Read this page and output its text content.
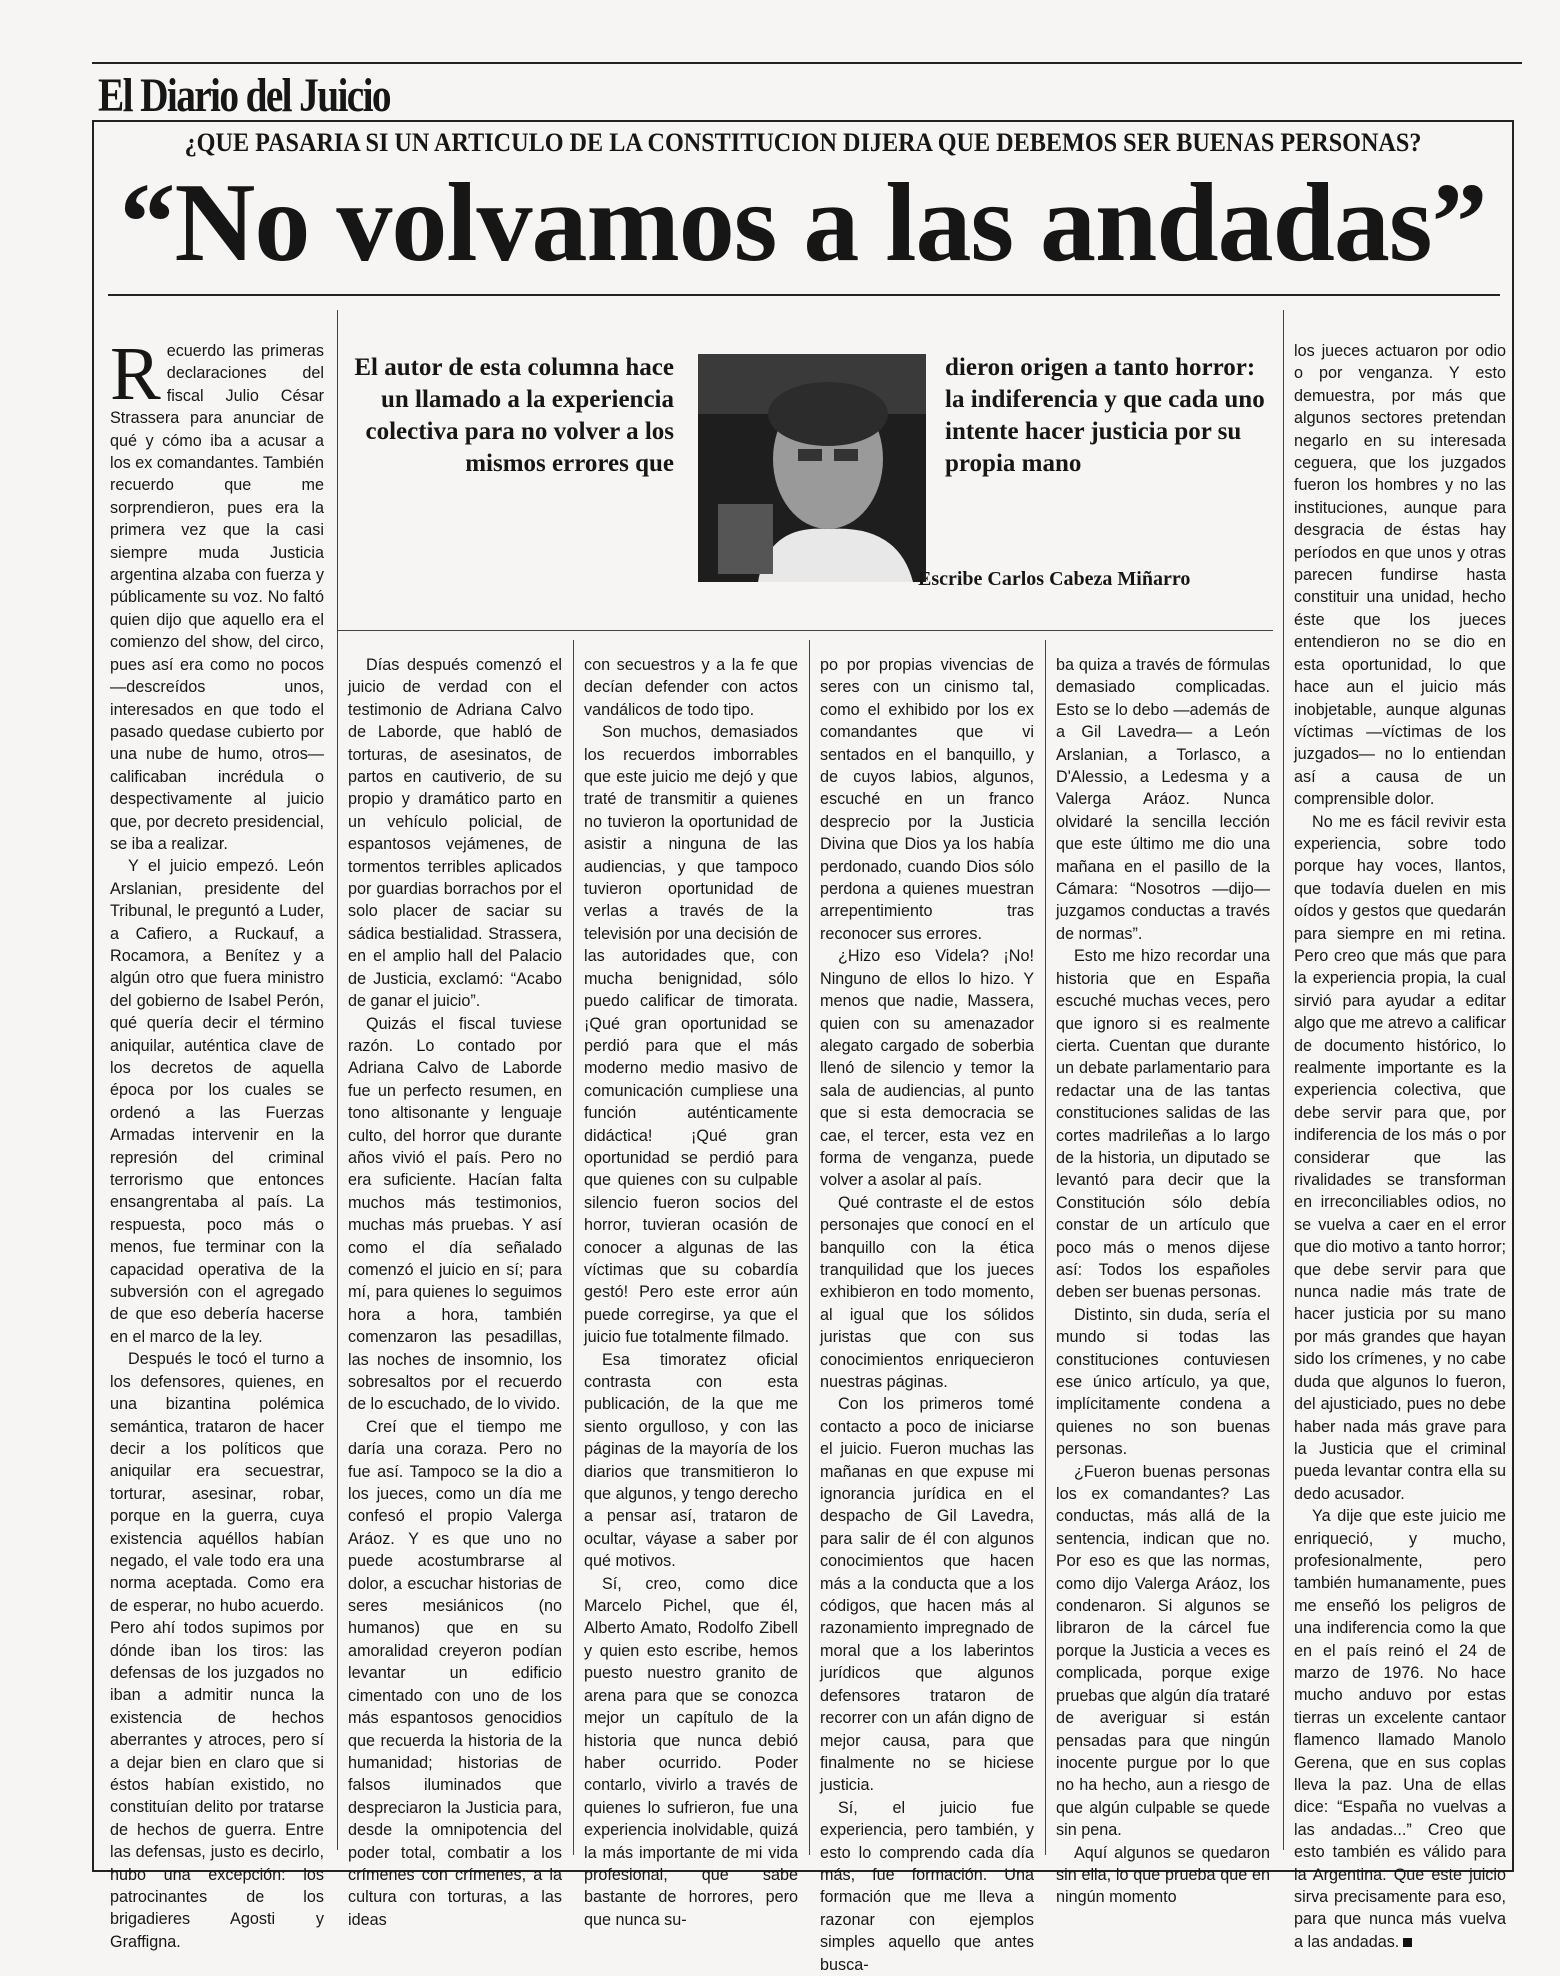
El Diario del Juicio
¿QUE PASARIA SI UN ARTICULO DE LA CONSTITUCION DIJERA QUE DEBEMOS SER BUENAS PERSONAS?
“No volvamos a las andadas”

Recuerdo las primeras declaraciones del fiscal Julio César Strassera para anunciar de qué y cómo iba a acusar a los ex comandantes. También recuerdo que me sorprendieron, pues era la primera vez que la casi siempre muda Justicia argentina alzaba con fuerza y públicamente su voz. No faltó quien dijo que aquello era el comienzo del show, del circo, pues así era como no pocos —descreídos unos, interesados en que todo el pasado quedase cubierto por una nube de humo, otros— calificaban incrédula o despectivamente al juicio que, por decreto presidencial, se iba a realizar.

Y el juicio empezó. León Arslanian, presidente del Tribunal, le preguntó a Luder, a Cafiero, a Ruckauf, a Rocamora, a Benítez y a algún otro que fuera ministro del gobierno de Isabel Perón, qué quería decir el término aniquilar, auténtica clave de los decretos de aquella época por los cuales se ordenó a las Fuerzas Armadas intervenir en la represión del criminal terrorismo que entonces ensangrentaba al país. La respuesta, poco más o menos, fue terminar con la capacidad operativa de la subversión con el agregado de que eso debería hacerse en el marco de la ley.

Después le tocó el turno a los defensores, quienes, en una bizantina polémica semántica, trataron de hacer decir a los políticos que aniquilar era secuestrar, torturar, asesinar, robar, porque en la guerra, cuya existencia aquéllos habían negado, el vale todo era una norma aceptada. Como era de esperar, no hubo acuerdo. Pero ahí todos supimos por dónde iban los tiros: las defensas de los juzgados no iban a admitir nunca la existencia de hechos aberrantes y atroces, pero sí a dejar bien en claro que si éstos habían existido, no constituían delito por tratarse de hechos de guerra. Entre las defensas, justo es decirlo, hubo una excepción: los patrocinantes de los brigadieres Agosti y Graffigna.

El autor de esta columna hace un llamado a la experiencia colectiva para no volver a los mismos errores que
dieron origen a tanto horror: la indiferencia y que cada uno intente hacer justicia por su propia mano
Escribe Carlos Cabeza Miñarro

Días después comenzó el juicio de verdad con el testimonio de Adriana Calvo de Laborde, que habló de torturas, de asesinatos, de partos en cautiverio, de su propio y dramático parto en un vehículo policial, de espantosos vejámenes, de tormentos terribles aplicados por guardias borrachos por el solo placer de saciar su sádica bestialidad. Strassera, en el amplio hall del Palacio de Justicia, exclamó: “Acabo de ganar el juicio”.

Quizás el fiscal tuviese razón. Lo contado por Adriana Calvo de Laborde fue un perfecto resumen, en tono altisonante y lenguaje culto, del horror que durante años vivió el país. Pero no era suficiente. Hacían falta muchos más testimonios, muchas más pruebas. Y así como el día señalado comenzó el juicio en sí; para mí, para quienes lo seguimos hora a hora, también comenzaron las pesadillas, las noches de insomnio, los sobresaltos por el recuerdo de lo escuchado, de lo vivido.

Creí que el tiempo me daría una coraza. Pero no fue así. Tampoco se la dio a los jueces, como un día me confesó el propio Valerga Aráoz. Y es que uno no puede acostumbrarse al dolor, a escuchar historias de seres mesiánicos (no humanos) que en su amoralidad creyeron podían levantar un edificio cimentado con uno de los más espantosos genocidios que recuerda la historia de la humanidad; historias de falsos iluminados que despreciaron la Justicia para, desde la omnipotencia del poder total, combatir a los crímenes con crímenes, a la cultura con torturas, a las ideas

con secuestros y a la fe que decían defender con actos vandálicos de todo tipo.

Son muchos, demasiados los recuerdos imborrables que este juicio me dejó y que traté de transmitir a quienes no tuvieron la oportunidad de asistir a ninguna de las audiencias, y que tampoco tuvieron oportunidad de verlas a través de la televisión por una decisión de las autoridades que, con mucha benignidad, sólo puedo calificar de timorata. ¡Qué gran oportunidad se perdió para que el más moderno medio masivo de comunicación cumpliese una función auténticamente didáctica! ¡Qué gran oportunidad se perdió para que quienes con su culpable silencio fueron socios del horror, tuvieran ocasión de conocer a algunas de las víctimas que su cobardía gestó! Pero este error aún puede corregirse, ya que el juicio fue totalmente filmado.

Esa timoratez oficial contrasta con esta publicación, de la que me siento orgulloso, y con las páginas de la mayoría de los diarios que transmitieron lo que algunos, y tengo derecho a pensar así, trataron de ocultar, váyase a saber por qué motivos.

Sí, creo, como dice Marcelo Pichel, que él, Alberto Amato, Rodolfo Zibell y quien esto escribe, hemos puesto nuestro granito de arena para que se conozca mejor un capítulo de la historia que nunca debió haber ocurrido. Poder contarlo, vivirlo a través de quienes lo sufrieron, fue una experiencia inolvidable, quizá la más importante de mi vida profesional, que sabe bastante de horrores, pero que nunca su-

po por propias vivencias de seres con un cinismo tal, como el exhibido por los ex comandantes que vi sentados en el banquillo, y de cuyos labios, algunos, escuché en un franco desprecio por la Justicia Divina que Dios ya los había perdonado, cuando Dios sólo perdona a quienes muestran arrepentimiento tras reconocer sus errores.

¿Hizo eso Videla? ¡No! Ninguno de ellos lo hizo. Y menos que nadie, Massera, quien con su amenazador alegato cargado de soberbia llenó de silencio y temor la sala de audiencias, al punto que si esta democracia se cae, el tercer, esta vez en forma de venganza, puede volver a asolar al país.

Qué contraste el de estos personajes que conocí en el banquillo con la ética tranquilidad que los jueces exhibieron en todo momento, al igual que los sólidos juristas que con sus conocimientos enriquecieron nuestras páginas.

Con los primeros tomé contacto a poco de iniciarse el juicio. Fueron muchas las mañanas en que expuse mi ignorancia jurídica en el despacho de Gil Lavedra, para salir de él con algunos conocimientos que hacen más a la conducta que a los códigos, que hacen más al razonamiento impregnado de moral que a los laberintos jurídicos que algunos defensores trataron de recorrer con un afán digno de mejor causa, para que finalmente no se hiciese justicia.

Sí, el juicio fue experiencia, pero también, y esto lo comprendo cada día más, fue formación. Una formación que me lleva a razonar con ejemplos simples aquello que antes busca-

ba quiza a través de fórmulas demasiado complicadas. Esto se lo debo —además de a Gil Lavedra— a León Arslanian, a Torlasco, a D'Alessio, a Ledesma y a Valerga Aráoz. Nunca olvidaré la sencilla lección que este último me dio una mañana en el pasillo de la Cámara: “Nosotros —dijo— juzgamos conductas a través de normas”.

Esto me hizo recordar una historia que en España escuché muchas veces, pero que ignoro si es realmente cierta. Cuentan que durante un debate parlamentario para redactar una de las tantas constituciones salidas de las cortes madrileñas a lo largo de la historia, un diputado se levantó para decir que la Constitución sólo debía constar de un artículo que poco más o menos dijese así: Todos los españoles deben ser buenas personas.

Distinto, sin duda, sería el mundo si todas las constituciones contuviesen ese único artículo, ya que, implícitamente condena a quienes no son buenas personas.

¿Fueron buenas personas los ex comandantes? Las conductas, más allá de la sentencia, indican que no. Por eso es que las normas, como dijo Valerga Aráoz, los condenaron. Si algunos se libraron de la cárcel fue porque la Justicia a veces es complicada, porque exige pruebas que algún día trataré de averiguar si están pensadas para que ningún inocente purgue por lo que no ha hecho, aun a riesgo de que algún culpable se quede sin pena.

Aquí algunos se quedaron sin ella, lo que prueba que en ningún momento

los jueces actuaron por odio o por venganza. Y esto demuestra, por más que algunos sectores pretendan negarlo en su interesada ceguera, que los juzgados fueron los hombres y no las instituciones, aunque para desgracia de éstas hay períodos en que unos y otras parecen fundirse hasta constituir una unidad, hecho éste que los jueces entendieron no se dio en esta oportunidad, lo que hace aun el juicio más inobjetable, aunque algunas víctimas —víctimas de los juzgados— no lo entiendan así a causa de un comprensible dolor.

No me es fácil revivir esta experiencia, sobre todo porque hay voces, llantos, que todavía duelen en mis oídos y gestos que quedarán para siempre en mi retina. Pero creo que más que para la experiencia propia, la cual sirvió para ayudar a editar algo que me atrevo a calificar de documento histórico, lo realmente importante es la experiencia colectiva, que debe servir para que, por indiferencia de los más o por considerar que las rivalidades se transforman en irreconciliables odios, no se vuelva a caer en el error que dio motivo a tanto horror; que debe servir para que nunca nadie más trate de hacer justicia por su mano por más grandes que hayan sido los crímenes, y no cabe duda que algunos lo fueron, del ajusticiado, pues no debe haber nada más grave para la Justicia que el criminal pueda levantar contra ella su dedo acusador.

Ya dije que este juicio me enriqueció, y mucho, profesionalmente, pero también humanamente, pues me enseñó los peligros de una indiferencia como la que en el país reinó el 24 de marzo de 1976. No hace mucho anduvo por estas tierras un excelente cantaor flamenco llamado Manolo Gerena, que en sus coplas lleva la paz. Una de ellas dice: “España no vuelvas a las andadas...” Creo que esto también es válido para la Argentina. Que este juicio sirva precisamente para eso, para que nunca más vuelva a las andadas.
